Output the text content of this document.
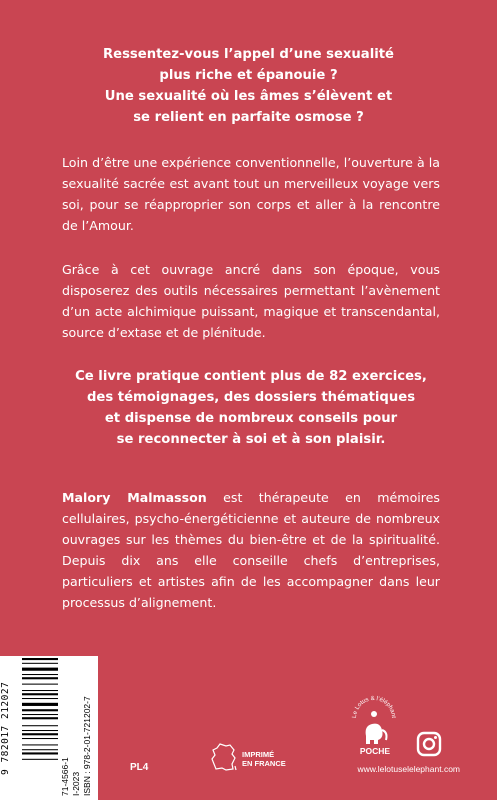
Ressentez-vous l’appel d’une sexualité
plus riche et épanouie ?
Une sexualité où les âmes s’élèvent et
se relient en parfaite osmose ?
Loin d’être une expérience conventionnelle, l’ouverture à la sexualité sacrée est avant tout un merveilleux voyage vers soi, pour se réapproprier son corps et aller à la rencontre de l’Amour.
Grâce à cet ouvrage ancré dans son époque, vous disposerez des outils nécessaires permettant l’avènement d’un acte alchimique puissant, magique et transcendantal, source d’extase et de plénitude.
Ce livre pratique contient plus de 82 exercices,
des témoignages, des dossiers thématiques
et dispense de nombreux conseils pour
se reconnecter à soi et à son plaisir.
Malory Malmasson est thérapeute en mémoires cellulaires, psycho-énergéticienne et auteure de nombreux ouvrages sur les thèmes du bien-être et de la spiritualité. Depuis dix ans elle conseille chefs d’entreprises, particuliers et artistes afin de les accompagner dans leur processus d’alignement.
9 782017 212027
71-4566-1 I-2023 ISBN : 978-2-01-721202-7	PL4
IMPRIMÉ
EN FRANCE
Le Lotus & l’éléphant
POCHE
www.lelotuselelephant.com
